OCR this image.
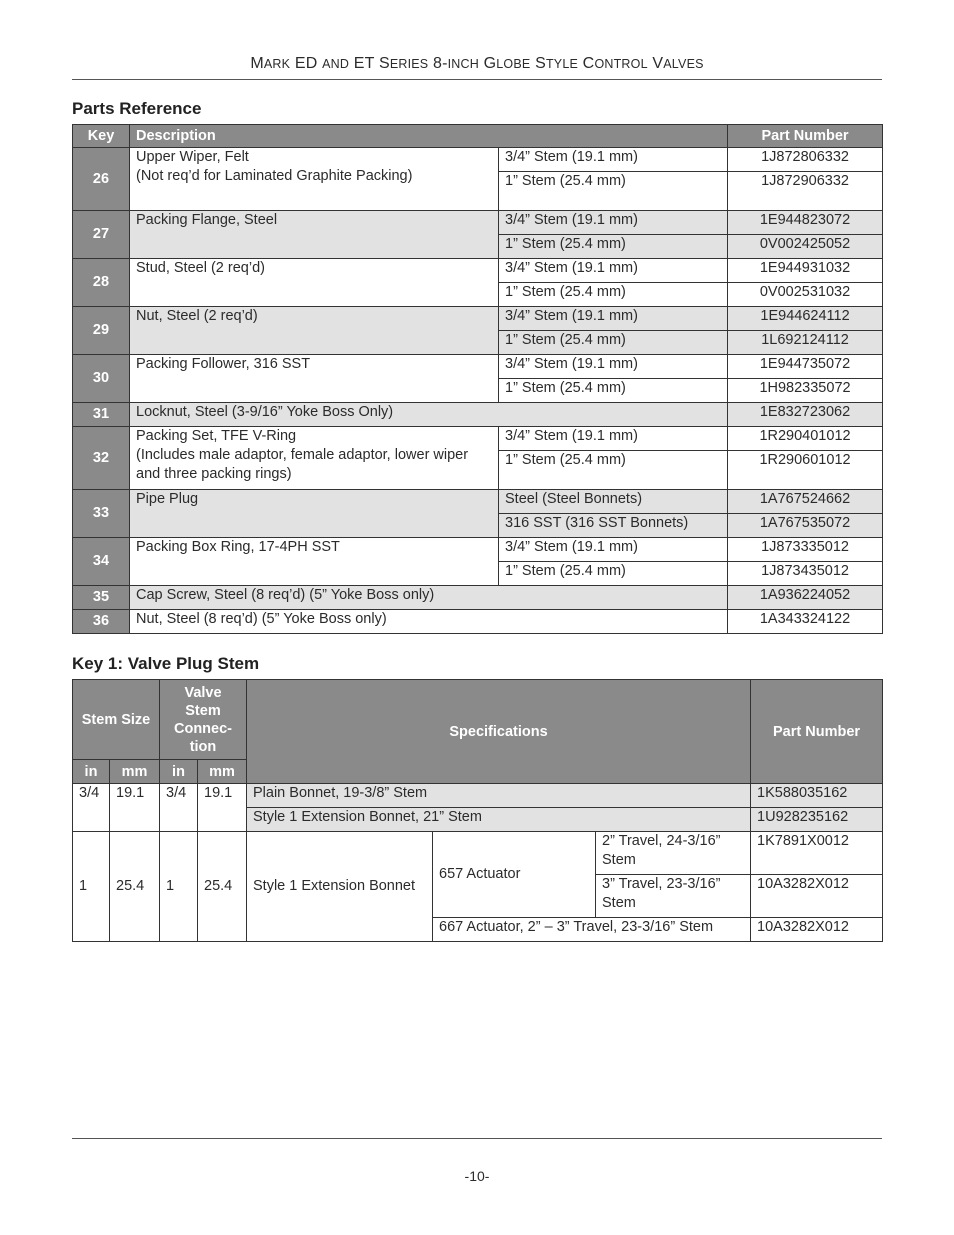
MARK ED AND ET SERIES 8-INCH GLOBE STYLE CONTROL VALVES
Parts Reference
Key	Description		Part Number
26	Upper Wiper, Felt
(Not req’d for Laminated Graphite Packing)	3/4” Stem (19.1 mm)	1J872806332
		1” Stem (25.4 mm)	1J872906332
27	Packing Flange, Steel	3/4” Stem (19.1 mm)	1E944823072
		1” Stem (25.4 mm)	0V002425052
28	Stud, Steel (2 req’d)	3/4” Stem (19.1 mm)	1E944931032
		1” Stem (25.4 mm)	0V002531032
29	Nut, Steel (2 req’d)	3/4” Stem (19.1 mm)	1E944624112
		1” Stem (25.4 mm)	1L692124112
30	Packing Follower, 316 SST	3/4” Stem (19.1 mm)	1E944735072
		1” Stem (25.4 mm)	1H982335072
31	Locknut, Steel (3-9/16” Yoke Boss Only)		1E832723062
32	Packing Set, TFE V-Ring
(Includes male adaptor, female adaptor, lower wiper and three packing rings)	3/4” Stem (19.1 mm)	1R290401012
		1” Stem (25.4 mm)	1R290601012
33	Pipe Plug	Steel (Steel Bonnets)	1A767524662
		316 SST (316 SST Bonnets)	1A767535072
34	Packing Box Ring, 17-4PH SST	3/4” Stem (19.1 mm)	1J873335012
		1” Stem (25.4 mm)	1J873435012
35	Cap Screw, Steel (8 req’d) (5” Yoke Boss only)		1A936224052
36	Nut, Steel (8 req’d) (5” Yoke Boss only)		1A343324122
Key 1: Valve Plug Stem
Stem Size		Valve
Stem
Connec-
tion		Specifications			Part Number
in	mm	in	mm				
3/4	19.1	3/4	19.1	Plain Bonnet, 19-3/8” Stem			1K588035162
				Style 1 Extension Bonnet, 21” Stem			1U928235162
1	25.4	1	25.4	Style 1 Extension Bonnet	657 Actuator	2” Travel, 24-3/16” Stem	1K7891X0012
						3” Travel, 23-3/16” Stem	10A3282X012
					667 Actuator, 2” – 3” Travel, 23-3/16” Stem		10A3282X012
-10-
